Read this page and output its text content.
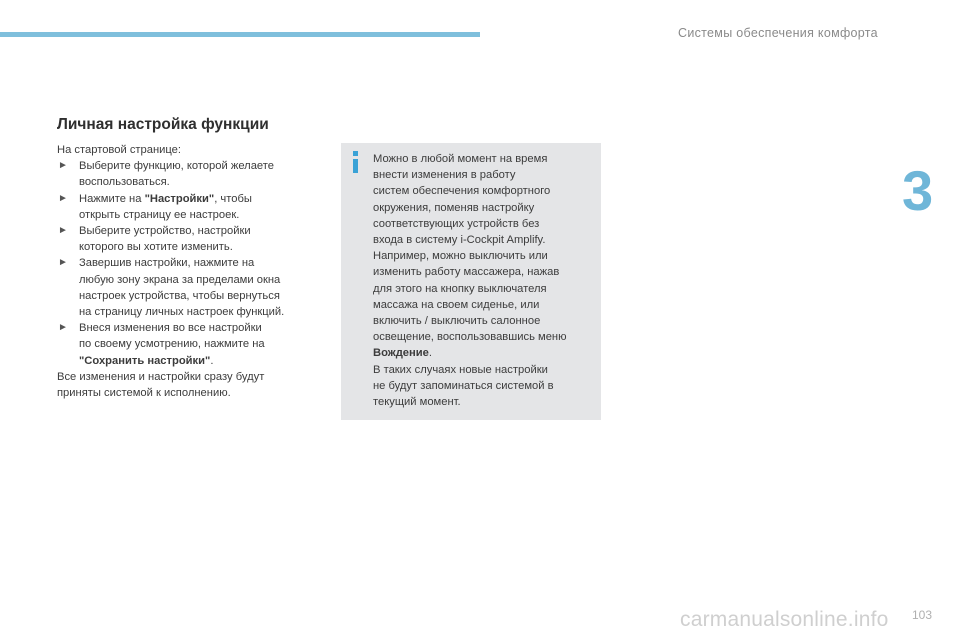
Системы обеспечения комфорта
3
Личная настройка функции
На стартовой странице:
► Выберите функцию, которой желаете
воспользоваться.
► Нажмите на "Настройки", чтобы
открыть страницу ее настроек.
► Выберите устройство, настройки
которого вы хотите изменить.
► Завершив настройки, нажмите на
любую зону экрана за пределами окна
настроек устройства, чтобы вернуться
на страницу личных настроек функций.
► Внеся изменения во все настройки
по своему усмотрению, нажмите на
"Сохранить настройки".
Все изменения и настройки сразу будут
приняты системой к исполнению.
Можно в любой момент на время
внести изменения в работу
систем обеспечения комфортного
окружения, поменяв настройку
соответствующих устройств без
входа в систему i-Cockpit Amplify.
Например, можно выключить или
изменить работу массажера, нажав
для этого на кнопку выключателя
массажа на своем сиденье, или
включить / выключить салонное
освещение, воспользовавшись меню
Вождение.
В таких случаях новые настройки
не будут запоминаться системой в
текущий момент.
carmanualsonline.info 103
